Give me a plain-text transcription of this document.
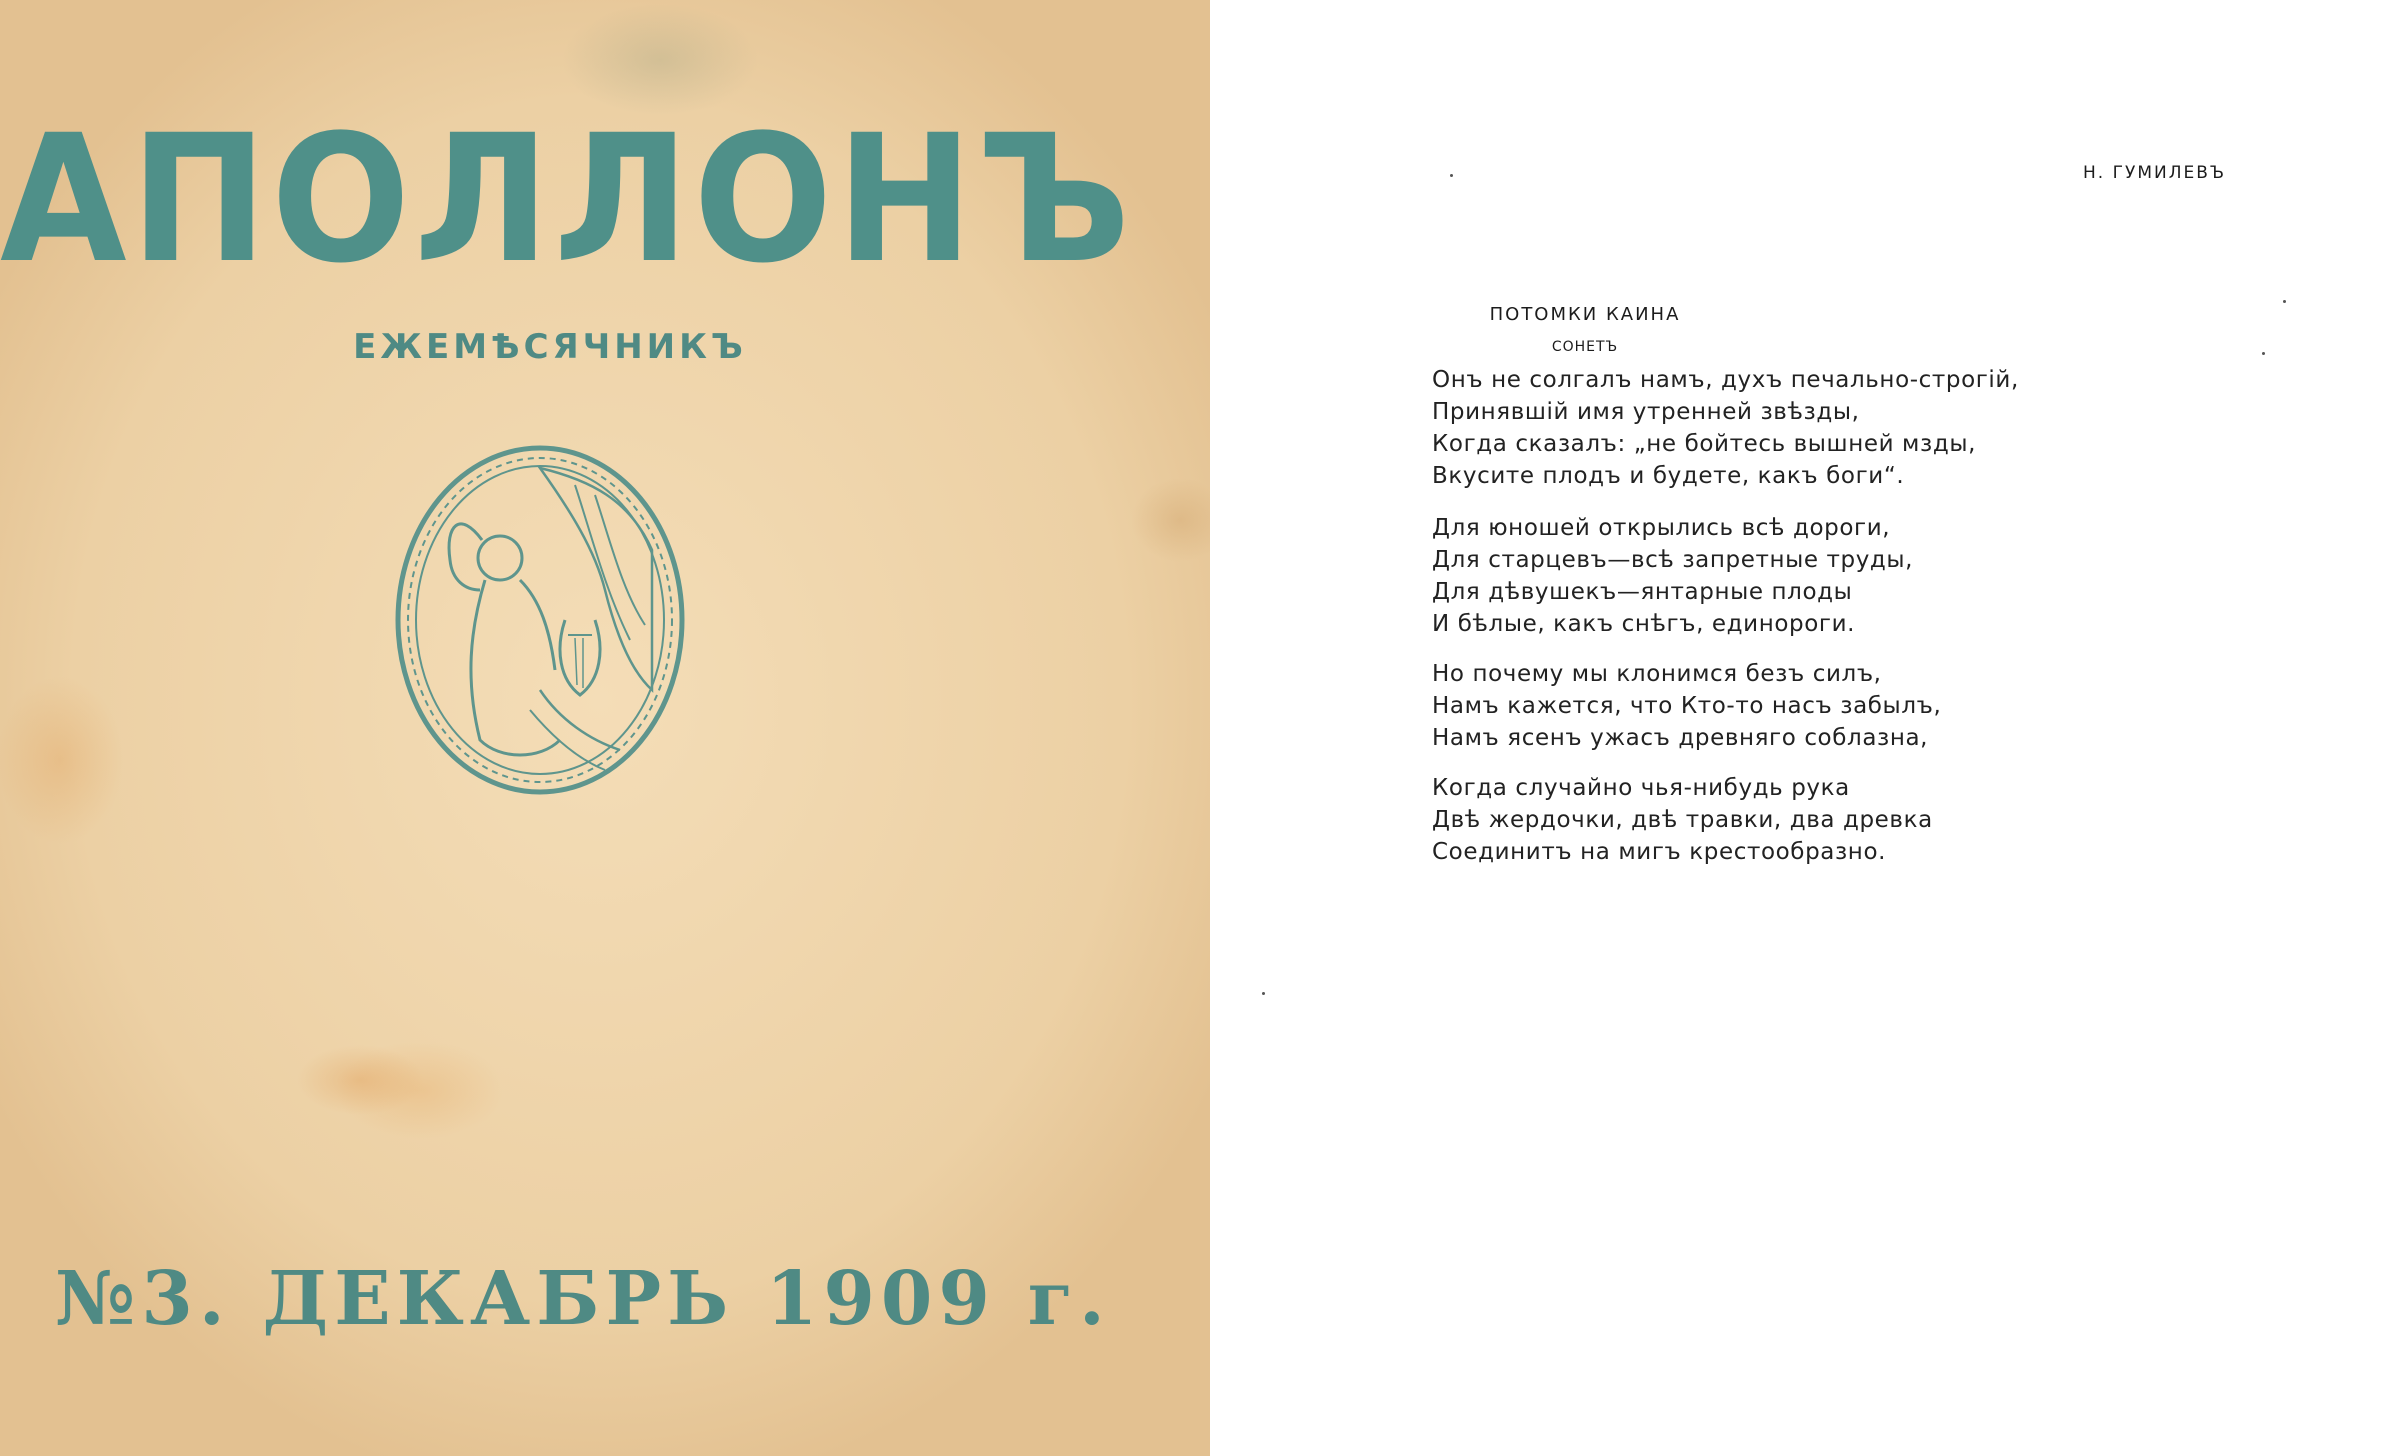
АПОЛЛОНЪ
ЕЖЕМѢСЯЧНИКЪ
№3. ДЕКАБРЬ 1909 г.
Н. ГУМИЛЕВЪ
ПОТОМКИ КАИНА
СОНЕТЪ
Онъ не солгалъ намъ, духъ печально-строгій,
Принявшій имя утренней звѣзды,
Когда сказалъ: „не бойтесь вышней мзды,
Вкусите плодъ и будете, какъ боги“.
Для юношей открылись всѣ дороги,
Для старцевъ—всѣ запретные труды,
Для дѣвушекъ—янтарные плоды
И бѣлые, какъ снѣгъ, единороги.
Но почему мы клонимся безъ силъ,
Намъ кажется, что Кто-то насъ забылъ,
Намъ ясенъ ужасъ древняго соблазна,
Когда случайно чья-нибудь рука
Двѣ жердочки, двѣ травки, два древка
Соединитъ на мигъ крестообразно.
